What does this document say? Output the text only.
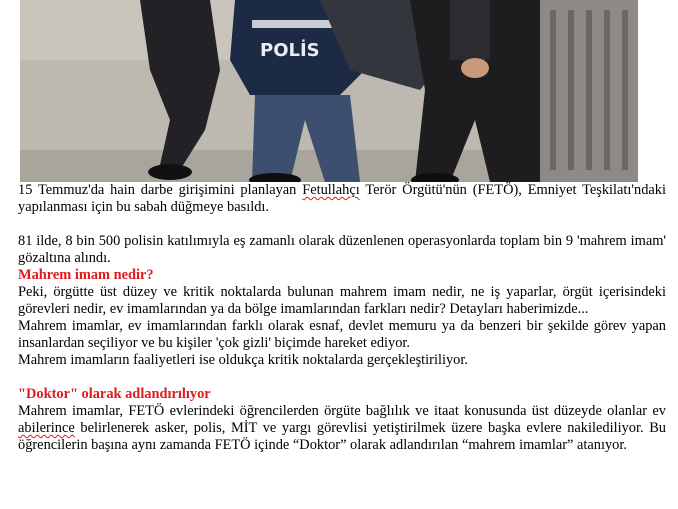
POLİS

15 Temmuz'da hain darbe girişimini planlayan Fetullahçı Terör Örgütü'nün (FETÖ), Emniyet Teşkilatı'ndaki yapılanması için bu sabah düğmeye basıldı.

81 ilde, 8 bin 500 polisin katılımıyla eş zamanlı olarak düzenlenen operasyonlarda toplam bin 9 'mahrem imam' gözaltına alındı.

Mahrem imam nedir?

Peki, örgütte üst düzey ve kritik noktalarda bulunan mahrem imam nedir, ne iş yaparlar, örgüt içerisindeki görevleri nedir, ev imamlarından ya da bölge imamlarından farkları nedir? Detayları haberimizde...

Mahrem imamlar, ev imamlarından farklı olarak esnaf, devlet memuru ya da benzeri bir şekilde görev yapan insanlardan seçiliyor ve bu kişiler 'çok gizli' biçimde hareket ediyor.

Mahrem imamların faaliyetleri ise oldukça kritik noktalarda gerçekleştiriliyor.

"Doktor" olarak adlandırılıyor

Mahrem imamlar, FETÖ evlerindeki öğrencilerden örgüte bağlılık ve itaat konusunda üst düzeyde olanlar ev abilerince belirlenerek asker, polis, MİT ve yargı görevlisi yetiştirilmek üzere başka evlere nakilediliyor. Bu öğrencilerin başına aynı zamanda FETÖ içinde “Doktor” olarak adlandırılan “mahrem imamlar” atanıyor.
